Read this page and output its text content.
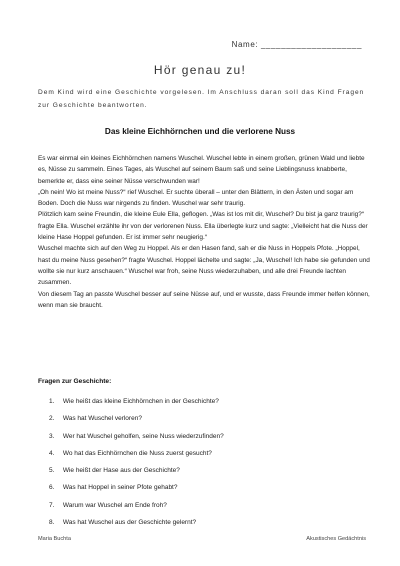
Name: ____________________
Hör genau zu!
Dem Kind wird eine Geschichte vorgelesen. Im Anschluss daran soll das Kind Fragen zur Geschichte beantworten.
Das kleine Eichhörnchen und die verlorene Nuss

Es war einmal ein kleines Eichhörnchen namens Wuschel. Wuschel lebte in einem großen, grünen Wald und liebte es, Nüsse zu sammeln. Eines Tages, als Wuschel auf seinem Baum saß und seine Lieblingsnuss knabberte, bemerkte er, dass eine seiner Nüsse verschwunden war!

„Oh nein! Wo ist meine Nuss?“ rief Wuschel. Er suchte überall – unter den Blättern, in den Ästen und sogar am Boden. Doch die Nuss war nirgends zu finden. Wuschel war sehr traurig.

Plötzlich kam seine Freundin, die kleine Eule Ella, geflogen. „Was ist los mit dir, Wuschel? Du bist ja ganz traurig?“ fragte Ella. Wuschel erzählte ihr von der verlorenen Nuss. Ella überlegte kurz und sagte: „Vielleicht hat die Nuss der kleine Hase Hoppel gefunden. Er ist immer sehr neugierig.“

Wuschel machte sich auf den Weg zu Hoppel. Als er den Hasen fand, sah er die Nuss in Hoppels Pfote. „Hoppel, hast du meine Nuss gesehen?“ fragte Wuschel. Hoppel lächelte und sagte: „Ja, Wuschel! Ich habe sie gefunden und wollte sie nur kurz anschauen.“ Wuschel war froh, seine Nuss wiederzuhaben, und alle drei Freunde lachten zusammen.

Von diesem Tag an passte Wuschel besser auf seine Nüsse auf, und er wusste, dass Freunde immer helfen können, wenn man sie braucht.

Fragen zur Geschichte:
1. Wie heißt das kleine Eichhörnchen in der Geschichte?
2. Was hat Wuschel verloren?
3. Wer hat Wuschel geholfen, seine Nuss wiederzufinden?
4. Wo hat das Eichhörnchen die Nuss zuerst gesucht?
5. Wie heißt der Hase aus der Geschichte?
6. Was hat Hoppel in seiner Pfote gehabt?
7. Warum war Wuschel am Ende froh?
8. Was hat Wuschel aus der Geschichte gelernt?
Maria Buchta	Akustisches Gedächtnis
